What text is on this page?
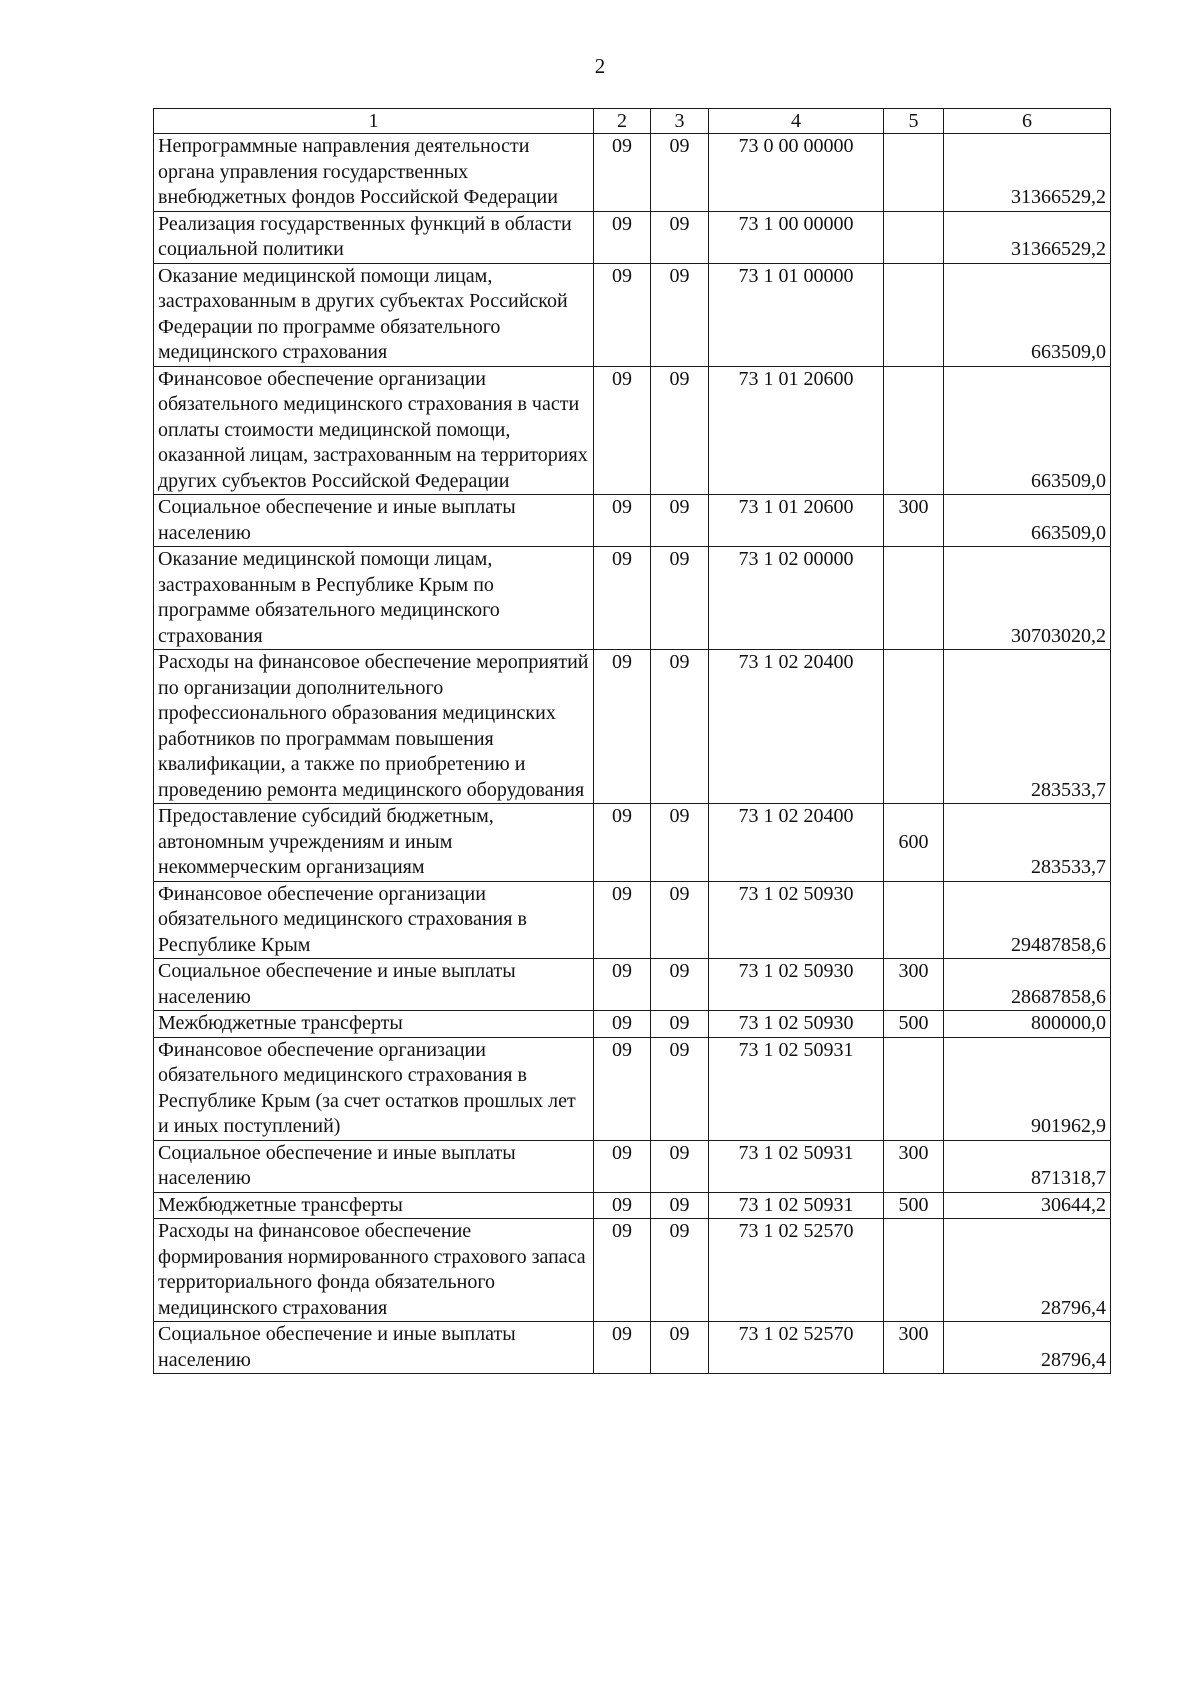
2
1	2	3	4	5	6
Непрограммные направления деятельности органа управления государственных внебюджетных фондов Российской Федерации	09	09	73 0 00 00000		31366529,2
Реализация государственных функций в области социальной политики	09	09	73 1 00 00000		31366529,2
Оказание медицинской помощи лицам, застрахованным в других субъектах Российской Федерации по программе обязательного медицинского страхования	09	09	73 1 01 00000		663509,0
Финансовое обеспечение организации обязательного медицинского страхования в части оплаты стоимости медицинской помощи, оказанной лицам, застрахованным на территориях других субъектов Российской Федерации	09	09	73 1 01 20600		663509,0
Социальное обеспечение и иные выплаты населению	09	09	73 1 01 20600	300	663509,0
Оказание медицинской помощи лицам, застрахованным в Республике Крым по программе обязательного медицинского страхования	09	09	73 1 02 00000		30703020,2
Расходы на финансовое обеспечение мероприятий по организации дополнительного профессионального образования медицинских работников по программам повышения квалификации, а также по приобретению и проведению ремонта медицинского оборудования	09	09	73 1 02 20400		283533,7
Предоставление субсидий бюджетным, автономным учреждениям и иным некоммерческим организациям	09	09	73 1 02 20400	600	283533,7
Финансовое обеспечение организации обязательного медицинского страхования в Республике Крым	09	09	73 1 02 50930		29487858,6
Социальное обеспечение и иные выплаты населению	09	09	73 1 02 50930	300	28687858,6
Межбюджетные трансферты	09	09	73 1 02 50930	500	800000,0
Финансовое обеспечение организации обязательного медицинского страхования в Республике Крым (за счет остатков прошлых лет и иных поступлений)	09	09	73 1 02 50931		901962,9
Социальное обеспечение и иные выплаты населению	09	09	73 1 02 50931	300	871318,7
Межбюджетные трансферты	09	09	73 1 02 50931	500	30644,2
Расходы на финансовое обеспечение формирования нормированного страхового запаса территориального фонда обязательного медицинского страхования	09	09	73 1 02 52570		28796,4
Социальное обеспечение и иные выплаты населению	09	09	73 1 02 52570	300	28796,4
